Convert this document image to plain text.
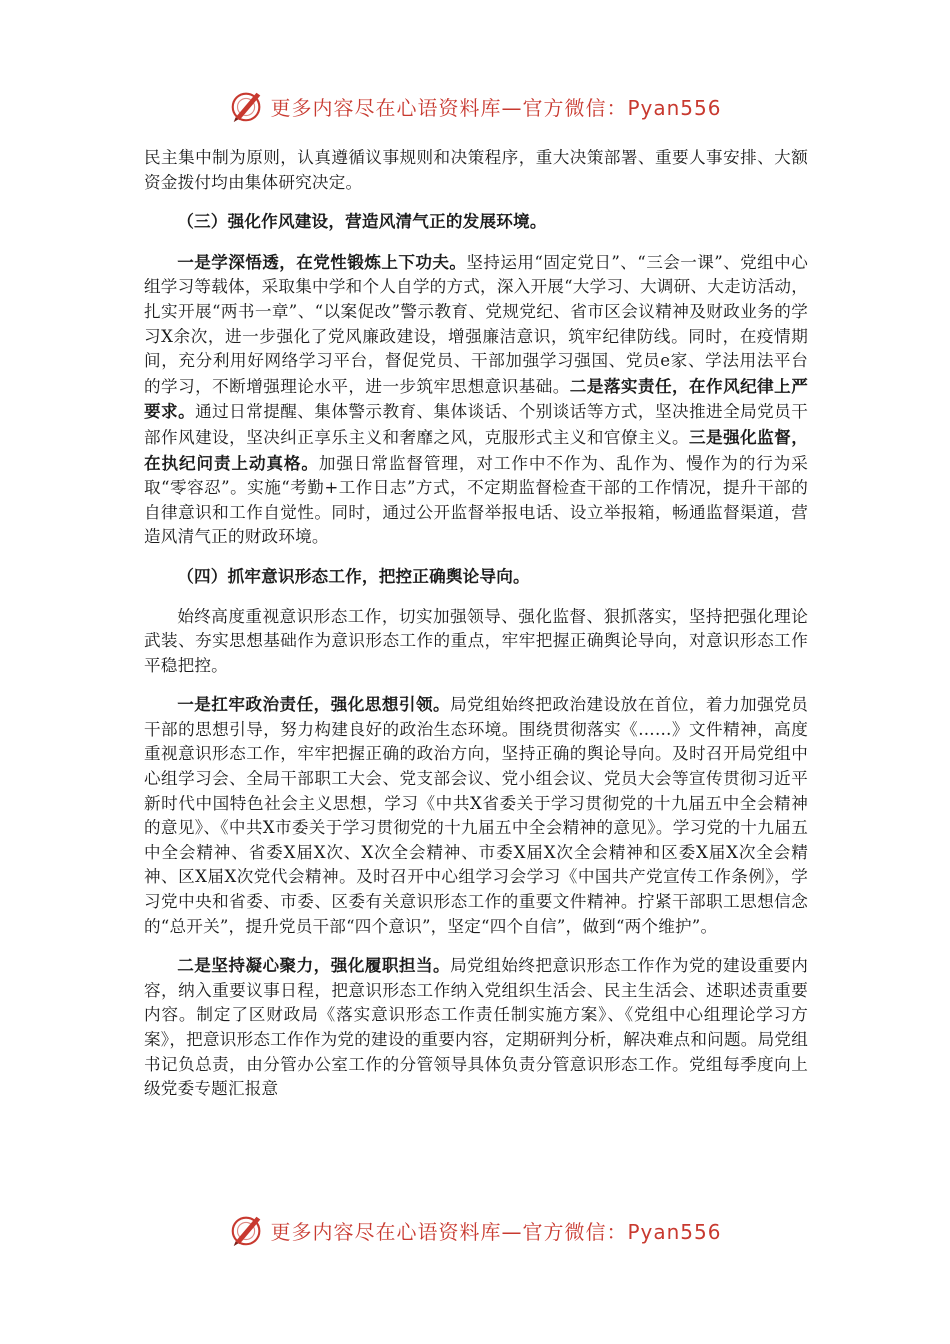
更多内容尽在心语资料库—官方微信：Pyan556

民主集中制为原则，认真遵循议事规则和决策程序，重大决策部署、重要人事安排、大额资金拨付均由集体研究决定。

（三）强化作风建设，营造风清气正的发展环境。

一是学深悟透，在党性锻炼上下功夫。坚持运用“固定党日”、“三会一课”、党组中心组学习等载体，采取集中学和个人自学的方式，深入开展“大学习、大调研、大走访活动，扎实开展“两书一章”、“以案促改”警示教育、党规党纪、省市区会议精神及财政业务的学习X余次，进一步强化了党风廉政建设，增强廉洁意识，筑牢纪律防线。同时，在疫情期间，充分利用好网络学习平台，督促党员、干部加强学习强国、党员e家、学法用法平台的学习，不断增强理论水平，进一步筑牢思想意识基础。二是落实责任，在作风纪律上严要求。通过日常提醒、集体警示教育、集体谈话、个别谈话等方式，坚决推进全局党员干部作风建设，坚决纠正享乐主义和奢靡之风，克服形式主义和官僚主义。三是强化监督，在执纪问责上动真格。加强日常监督管理，对工作中不作为、乱作为、慢作为的行为采取“零容忍”。实施“考勤+工作日志”方式，不定期监督检查干部的工作情况，提升干部的自律意识和工作自觉性。同时，通过公开监督举报电话、设立举报箱，畅通监督渠道，营造风清气正的财政环境。

（四）抓牢意识形态工作，把控正确舆论导向。

始终高度重视意识形态工作，切实加强领导、强化监督、狠抓落实，坚持把强化理论武装、夯实思想基础作为意识形态工作的重点，牢牢把握正确舆论导向，对意识形态工作平稳把控。

一是扛牢政治责任，强化思想引领。局党组始终把政治建设放在首位，着力加强党员干部的思想引导，努力构建良好的政治生态环境。围绕贯彻落实《……》文件精神，高度重视意识形态工作，牢牢把握正确的政治方向，坚持正确的舆论导向。及时召开局党组中心组学习会、全局干部职工大会、党支部会议、党小组会议、党员大会等宣传贯彻习近平新时代中国特色社会主义思想，学习《中共X省委关于学习贯彻党的十九届五中全会精神的意见》、《中共X市委关于学习贯彻党的十九届五中全会精神的意见》。学习党的十九届五中全会精神、省委X届X次、X次全会精神、市委X届X次全会精神和区委X届X次全会精神、区X届X次党代会精神。及时召开中心组学习会学习《中国共产党宣传工作条例》，学习党中央和省委、市委、区委有关意识形态工作的重要文件精神。拧紧干部职工思想信念的“总开关”，提升党员干部“四个意识”，坚定“四个自信”，做到“两个维护”。

二是坚持凝心聚力，强化履职担当。局党组始终把意识形态工作作为党的建设重要内容，纳入重要议事日程，把意识形态工作纳入党组织生活会、民主生活会、述职述责重要内容。制定了区财政局《落实意识形态工作责任制实施方案》、《党组中心组理论学习方案》，把意识形态工作作为党的建设的重要内容，定期研判分析，解决难点和问题。局党组书记负总责，由分管办公室工作的分管领导具体负责分管意识形态工作。党组每季度向上级党委专题汇报意

更多内容尽在心语资料库—官方微信：Pyan556
